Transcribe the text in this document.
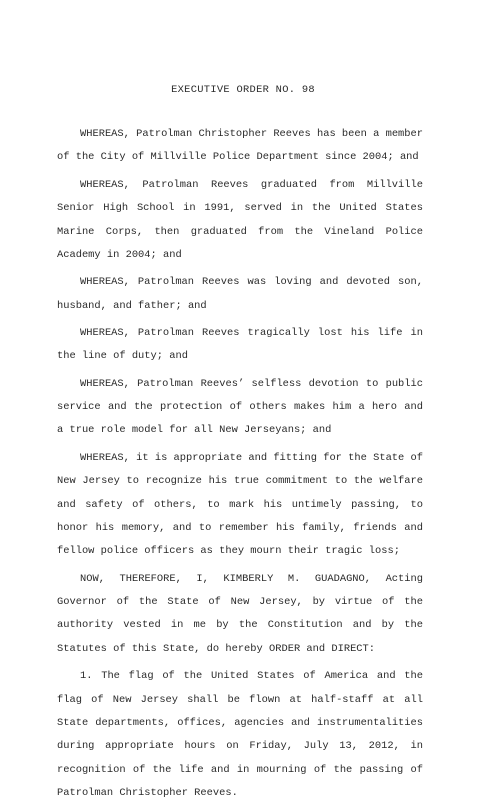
EXECUTIVE ORDER NO. 98

WHEREAS, Patrolman Christopher Reeves has been a member of the City of Millville Police Department since 2004; and

WHEREAS, Patrolman Reeves graduated from Millville Senior High School in 1991, served in the United States Marine Corps, then graduated from the Vineland Police Academy in 2004; and

WHEREAS, Patrolman Reeves was loving and devoted son, husband, and father; and

WHEREAS, Patrolman Reeves tragically lost his life in the line of duty; and

WHEREAS, Patrolman Reeves’ selfless devotion to public service and the protection of others makes him a hero and a true role model for all New Jerseyans; and

WHEREAS, it is appropriate and fitting for the State of New Jersey to recognize his true commitment to the welfare and safety of others, to mark his untimely passing, to honor his memory, and to remember his family, friends and fellow police officers as they mourn their tragic loss;

NOW, THEREFORE, I, KIMBERLY M. GUADAGNO, Acting Governor of the State of New Jersey, by virtue of the authority vested in me by the Constitution and by the Statutes of this State, do hereby ORDER and DIRECT:

1. The flag of the United States of America and the flag of New Jersey shall be flown at half-staff at all State departments, offices, agencies and instrumentalities during appropriate hours on Friday, July 13, 2012, in recognition of the life and in mourning of the passing of Patrolman Christopher Reeves.
